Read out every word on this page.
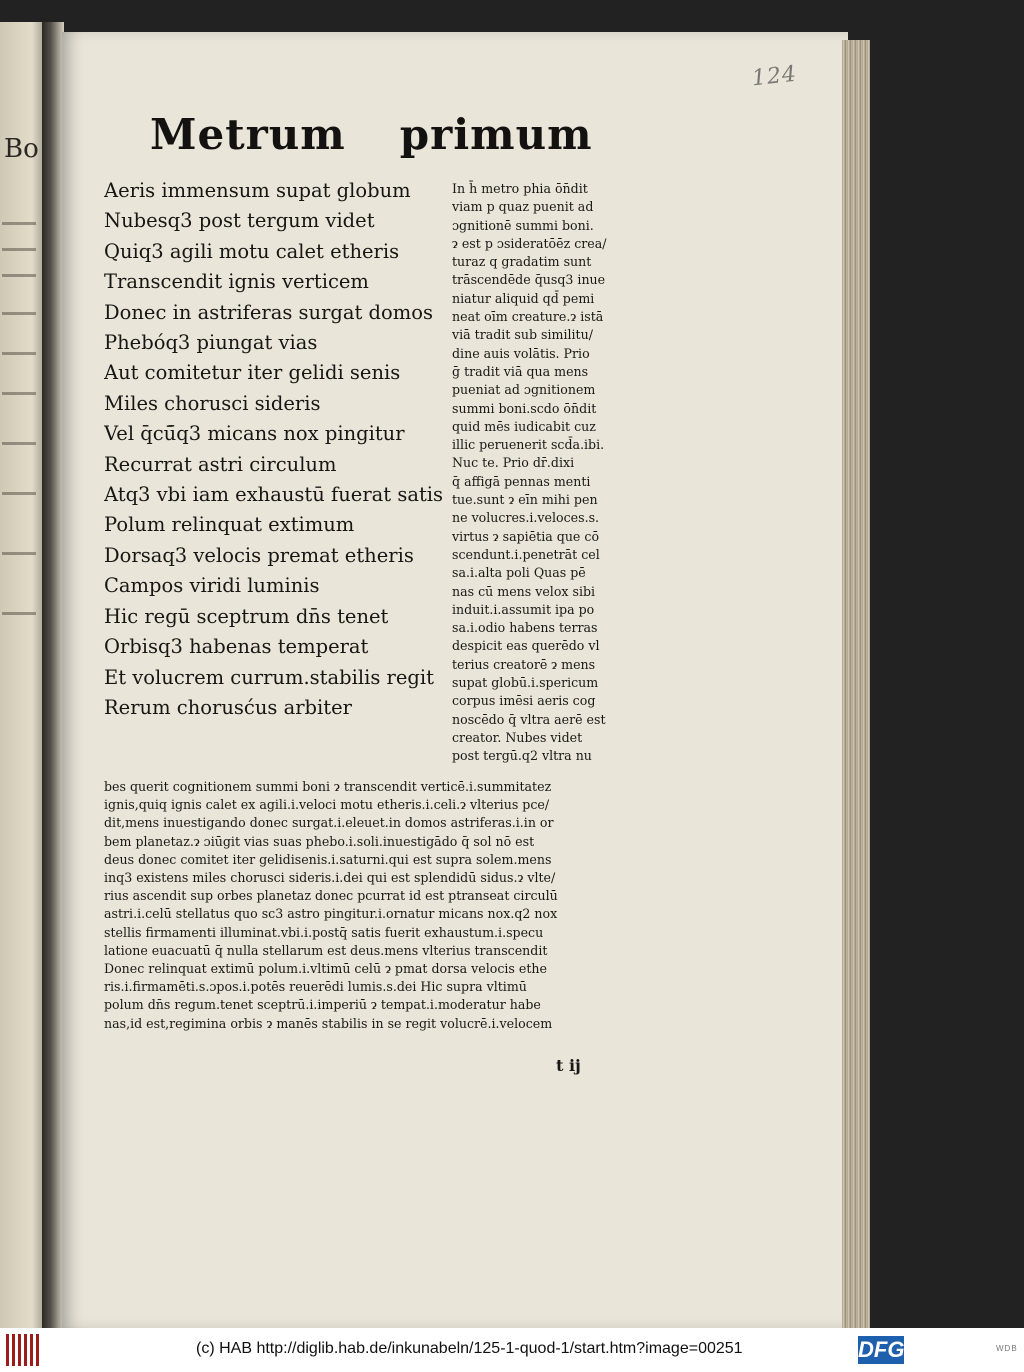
Bo
124
Metrum primum
Aeris immensum supat globum
Nubesq3 post tergum videt
Quiq3 agili motu calet etheris
Transcendit ignis verticem
Donec in astriferas surgat domos
Phebóq3 piungat vias
Aut comitetur iter gelidi senis
Miles chorusci sideris
Vel q̄cū̄q3 micans nox pingitur
Recurrat astri circulum
Atq3 vbi iam exhaustū fuerat satis
Polum relinquat extimum
Dorsaq3 velocis premat etheris
Campos viridi luminis
Hic regū sceptrum dn̄s tenet
Orbisq3 habenas temperat
Et volucrem currum.stabilis regit
Rerum chorusćus arbiter
In h̄ metro phia ōn̄dit
viam p quaz puenit ad
ɔgnitionē summi boni.
ɂ est p ɔsideratōēz crea/
turaz q gradatim sunt
trāscendēde q̄usq3 inue
niatur aliquid qd̄ pemi
neat oīm creature.ɂ istā
viā tradit sub similitu/
dine auis volātis. Prio
ḡ tradit viā qua mens
pueniat ad ɔgnitionem
summi boni.scdo ōn̄dit
quid mēs iudicabit cuz
illic peruenerit scd̄a.ibi.
Nuc te. Prio dr̄.dixi
q̄ affigā pennas menti
tue.sunt ɂ eīn mihi pen
ne volucres.i.veloces.s.
virtus ɂ sapiētia que cō
scendunt.i.penetrāt cel
sa.i.alta poli Quas pē
nas cū mens velox sibi
induit.i.assumit ipa po
sa.i.odio habens terras
despicit eas querēdo vl
terius creatorē ɂ mens
supat globū.i.spericum
corpus imēsi aeris cog
noscēdo q̄ vltra aerē est
creator. Nubes videt
post tergū.q2 vltra nu
bes querit cognitionem summi boni ɂ transcendit verticē.i.summitatez
ignis,quiq ignis calet ex agili.i.veloci motu etheris.i.celi.ɂ vlterius pce/
dit,mens inuestigando donec surgat.i.eleuet.in domos astriferas.i.in or
bem planetaz.ɂ ɔiūgit vias suas phebo.i.soli.inuestigādo q̄ sol nō est
deus donec comitet iter gelidisenis.i.saturni.qui est supra solem.mens
inq3 existens miles chorusci sideris.i.dei qui est splendidū sidus.ɂ vlte/
rius ascendit sup orbes planetaz donec pcurrat id est ptranseat circulū
astri.i.celū stellatus quo sc3 astro pingitur.i.ornatur micans nox.q2 nox
stellis firmamenti illuminat.vbi.i.postq̄ satis fuerit exhaustum.i.specu
latione euacuatū q̄ nulla stellarum est deus.mens vlterius transcendit
Donec relinquat extimū polum.i.vltimū celū ɂ pmat dorsa velocis ethe
ris.i.firmamēti.s.ɔpos.i.potēs reuerēdi lumis.s.dei Hic supra vltimū
polum dn̄s regum.tenet sceptrū.i.imperiū ɂ tempat.i.moderatur habe
nas,id est,regimina orbis ɂ manēs stabilis in se regit volucrē.i.velocem
t ij
(c) HAB http://diglib.hab.de/inkunabeln/125-1-quod-1/start.htm?image=00251	DFG	WDB
